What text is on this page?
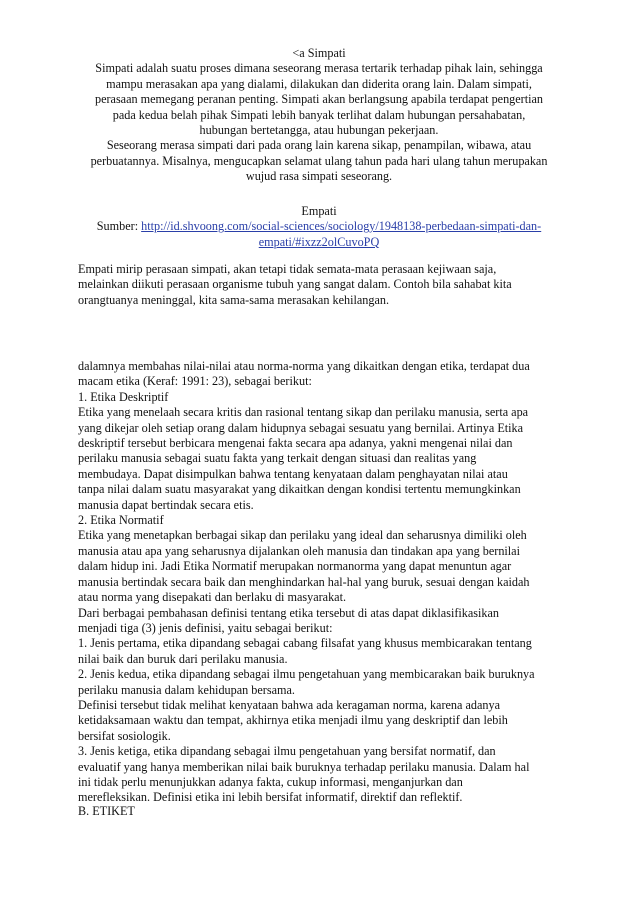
<a Simpati
Simpati adalah suatu proses dimana seseorang merasa tertarik terhadap pihak lain, sehingga
mampu merasakan apa yang dialami, dilakukan dan diderita orang lain. Dalam simpati,
perasaan memegang peranan penting. Simpati akan berlangsung apabila terdapat pengertian
pada kedua belah pihak Simpati lebih banyak terlihat dalam hubungan persahabatan,
hubungan bertetangga, atau hubungan pekerjaan.
Seseorang merasa simpati dari pada orang lain karena sikap, penampilan, wibawa, atau
perbuatannya. Misalnya, mengucapkan selamat ulang tahun pada hari ulang tahun merupakan
wujud rasa simpati seseorang.
Empati
Sumber: http://id.shvoong.com/social-sciences/sociology/1948138-perbedaan-simpati-dan-
empati/#ixzz2olCuvoPQ
Empati mirip perasaan simpati, akan tetapi tidak semata-mata perasaan kejiwaan saja,
melainkan diikuti perasaan organisme tubuh yang sangat dalam. Contoh bila sahabat kita
orangtuanya meninggal, kita sama-sama merasakan kehilangan.
dalamnya membahas nilai-nilai atau norma-norma yang dikaitkan dengan etika, terdapat dua
macam etika (Keraf: 1991: 23), sebagai berikut:
1. Etika Deskriptif
Etika yang menelaah secara kritis dan rasional tentang sikap dan perilaku manusia, serta apa
yang dikejar oleh setiap orang dalam hidupnya sebagai sesuatu yang bernilai. Artinya Etika
deskriptif tersebut berbicara mengenai fakta secara apa adanya, yakni mengenai nilai dan
perilaku manusia sebagai suatu fakta yang terkait dengan situasi dan realitas yang
membudaya. Dapat disimpulkan bahwa tentang kenyataan dalam penghayatan nilai atau
tanpa nilai dalam suatu masyarakat yang dikaitkan dengan kondisi tertentu memungkinkan
manusia dapat bertindak secara etis.
2. Etika Normatif
Etika yang menetapkan berbagai sikap dan perilaku yang ideal dan seharusnya dimiliki oleh
manusia atau apa yang seharusnya dijalankan oleh manusia dan tindakan apa yang bernilai
dalam hidup ini. Jadi Etika Normatif merupakan normanorma yang dapat menuntun agar
manusia bertindak secara baik dan menghindarkan hal-hal yang buruk, sesuai dengan kaidah
atau norma yang disepakati dan berlaku di masyarakat.
Dari berbagai pembahasan definisi tentang etika tersebut di atas dapat diklasifikasikan
menjadi tiga (3) jenis definisi, yaitu sebagai berikut:
1. Jenis pertama, etika dipandang sebagai cabang filsafat yang khusus membicarakan tentang
nilai baik dan buruk dari perilaku manusia.
2. Jenis kedua, etika dipandang sebagai ilmu pengetahuan yang membicarakan baik buruknya
perilaku manusia dalam kehidupan bersama.
Definisi tersebut tidak melihat kenyataan bahwa ada keragaman norma, karena adanya
ketidaksamaan waktu dan tempat, akhirnya etika menjadi ilmu yang deskriptif dan lebih
bersifat sosiologik.
3. Jenis ketiga, etika dipandang sebagai ilmu pengetahuan yang bersifat normatif, dan
evaluatif yang hanya memberikan nilai baik buruknya terhadap perilaku manusia. Dalam hal
ini tidak perlu menunjukkan adanya fakta, cukup informasi, menganjurkan dan
merefleksikan. Definisi etika ini lebih bersifat informatif, direktif dan reflektif.
B. ETIKET
